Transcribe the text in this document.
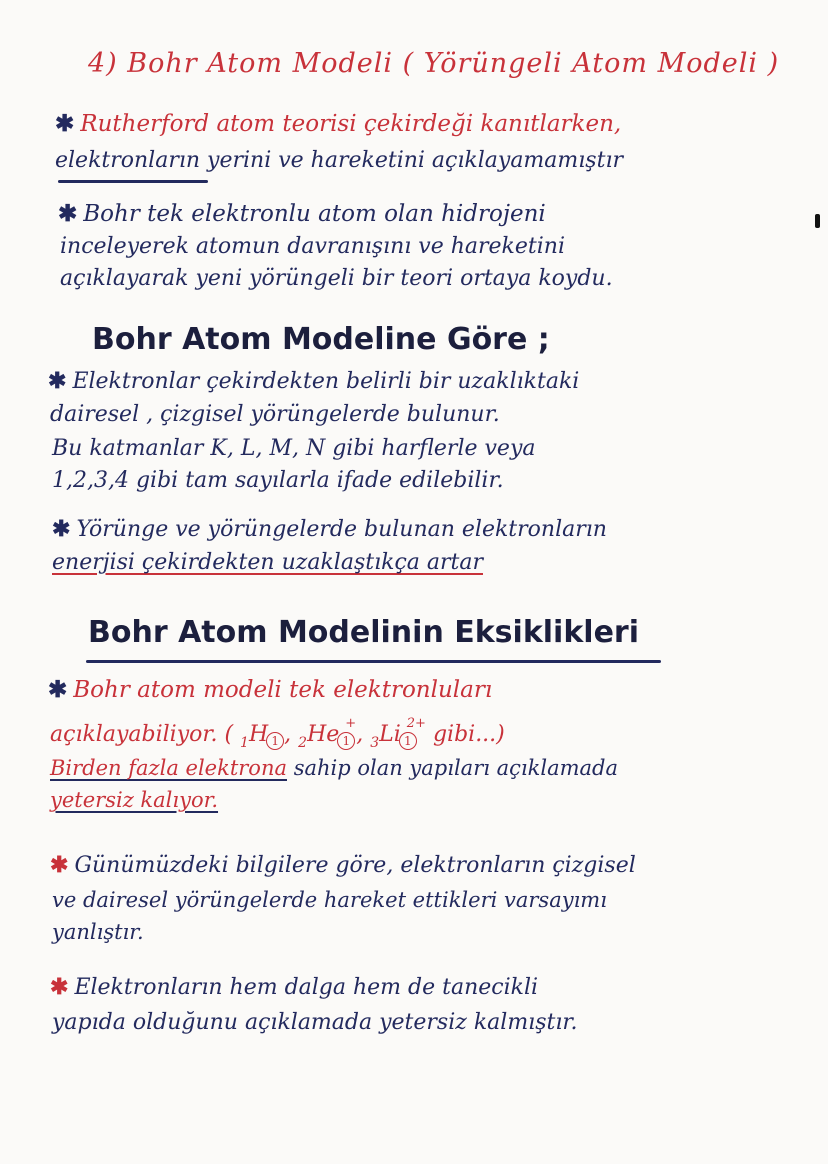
4) Bohr Atom Modeli ( Yörüngeli Atom Modeli )
✱ Rutherford atom teorisi çekirdeği kanıtlarken,
elektronların yerini ve hareketini açıklayamamıştır
✱ Bohr tek elektronlu atom olan hidrojeni
inceleyerek atomun davranışını ve hareketini
açıklayarak yeni yörüngeli bir teori ortaya koydu.
Bohr Atom Modeline Göre ;
✱ Elektronlar çekirdekten belirli bir uzaklıktaki
dairesel , çizgisel yörüngelerde bulunur.
Bu katmanlar K, L, M, N gibi harflerle veya
1,2,3,4 gibi tam sayılarla ifade edilebilir.
✱ Yörünge ve yörüngelerde bulunan elektronların
enerjisi çekirdekten uzaklaştıkça artar
Bohr Atom Modelinin Eksiklikleri
✱ Bohr atom modeli tek elektronluları
açıklayabiliyor. ( $_1$H 1 , $_2$He 1+, $_3$Li $1^{2+}$ gibi...)
Birden fazla elektrona sahip olan yapıları açıklamada
yetersiz kalıyor.
✱ Günümüzdeki bilgilere göre, elektronların çizgisel
ve dairesel yörüngelerde hareket ettikleri varsayımı
yanlıştır.
✱ Elektronların hem dalga hem de tanecikli
yapıda olduğunu açıklamada yetersiz kalmıştır.
